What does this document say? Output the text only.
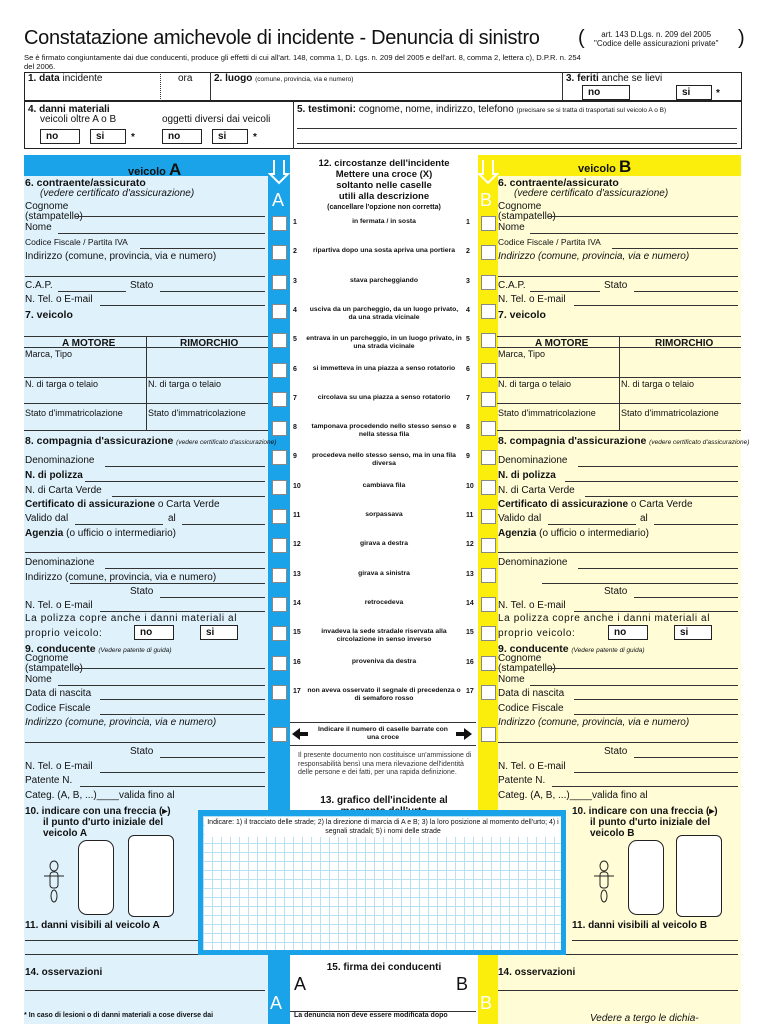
Constatazione amichevole di incidente - Denuncia di sinistro (	art. 143 D.Lgs. n. 209 del 2005
"Codice delle assicurazioni private" )
Se è firmato congiuntamente dai due conducenti, produce gli effetti di cui all'art. 148, comma 1, D. Lgs. n. 209 del 2005 e dell'art. 8, comma 2, lettera c), D.P.R. n. 254 del 2006.
1. data incidente	ora 2. luogo (comune, provincia, via e numero)	3. feriti anche se lievi
no	si	*
4. danni materiali
veicoli oltre A o B	oggetti diversi dai veicoli
no	si	*	no	si	*
5. testimoni: cognome, nome, indirizzo, telefono (precisare se si tratta di trasportati sul veicolo A o B)
veicolo A	veicolo B
A	B
6. contraente/assicurato
(vedere certificato d'assicurazione)
Cognome
(stampatello)
Nome
Codice Fiscale / Partita IVA
Indirizzo (comune, provincia, via e numero)
C.A.P.	Stato
N. Tel. o E-mail
7. veicolo
A MOTORE	RIMORCHIO
Marca, Tipo
N. di targa o telaio	N. di targa o telaio
Stato d'immatricolazione	Stato d'immatricolazione
8. compagnia d'assicurazione (vedere certificato d'assicurazione)
Denominazione
N. di polizza
N. di Carta Verde
Certificato di assicurazione o Carta Verde
Valido dal	al
Agenzia (o ufficio o intermediario)
Denominazione
Indirizzo (comune, provincia, via e numero)
Stato
N. Tel. o E-mail
La polizza copre anche i danni materiali al
proprio veicolo:	no	si
9. conducente (Vedere patente di guida)
Cognome
(stampatello)
Nome
Data di nascita
Codice Fiscale
Indirizzo (comune, provincia, via e numero)
Stato
N. Tel. o E-mail
Patente N.
Categ. (A, B, ...)____valida fino al
10. indicare con una freccia (▸)
il punto d'urto iniziale del
veicolo A
11. danni visibili al veicolo A
14. osservazioni
6. contraente/assicurato
(vedere certificato d'assicurazione)
Cognome
(stampatello)
Nome
Codice Fiscale / Partita IVA
Indirizzo (comune, provincia, via e numero)
C.A.P.	Stato
N. Tel. o E-mail
7. veicolo
A MOTORE	RIMORCHIO
Marca, Tipo
N. di targa o telaio	N. di targa o telaio
Stato d'immatricolazione	Stato d'immatricolazione
8. compagnia d'assicurazione (vedere certificato d'assicurazione)
Denominazione
N. di polizza
N. di Carta Verde
Certificato di assicurazione o Carta Verde
Valido dal	al
Agenzia (o ufficio o intermediario)
Denominazione
Stato
N. Tel. o E-mail
La polizza copre anche i danni materiali al
proprio veicolo:	no	si
9. conducente (Vedere patente di guida)
Cognome
(stampatello)
Nome
Data di nascita
Codice Fiscale
Indirizzo (comune, provincia, via e numero)
Stato
N. Tel. o E-mail
Patente N.
Categ. (A, B, ...)____valida fino al
10. indicare con una freccia (▸)
il punto d'urto iniziale del
veicolo B
11. danni visibili al veicolo B
14. osservazioni
12. circostanze dell'incidente
Mettere una croce (X)
soltanto nelle caselle
utili alla descrizione
(cancellare l'opzione non corretta)
in fermata / in sosta
1	1
ripartiva dopo una sosta apriva una portiera
2	2
stava parcheggiando
3	3
usciva da un parcheggio, da un luogo privato, da una strada vicinale
4	4
entrava in un parcheggio, in un luogo privato, in una strada vicinale
5	5
si immetteva in una piazza a senso rotatorio
6	6
circolava su una piazza a senso rotatorio
7	7
tamponava procedendo nello stesso senso e nella stessa fila
8	8
procedeva nello stesso senso, ma in una fila diversa
9	9
cambiava fila
10	10
sorpassava
11	11
girava a destra
12	12
girava a sinistra
13	13
retrocedeva
14	14
invadeva la sede stradale riservata alla circolazione in senso inverso
15	15
proveniva da destra
16	16
non aveva osservato il segnale di precedenza o di semaforo rosso
17	17
Indicare il numero di caselle barrate con una croce
Il presente documento non costituisce un'ammissione di responsabilità bensì una mera rilevazione dell'identità delle persone e dei fatti, per una rapida definizione.
13. grafico dell'incidente al
Indicare: 1) il tracciato delle strade; 2) la direzione di marcia di A e B; 3) la loro posizione al momento dell'urto; 4) i segnali stradali; 5) i nomi delle strade
15. firma dei conducenti
A	B
A	B
* In caso di lesioni o di danni materiali a cose diverse dai	La denuncia non deve essere modificata dopo	Vedere a tergo le dichia-
